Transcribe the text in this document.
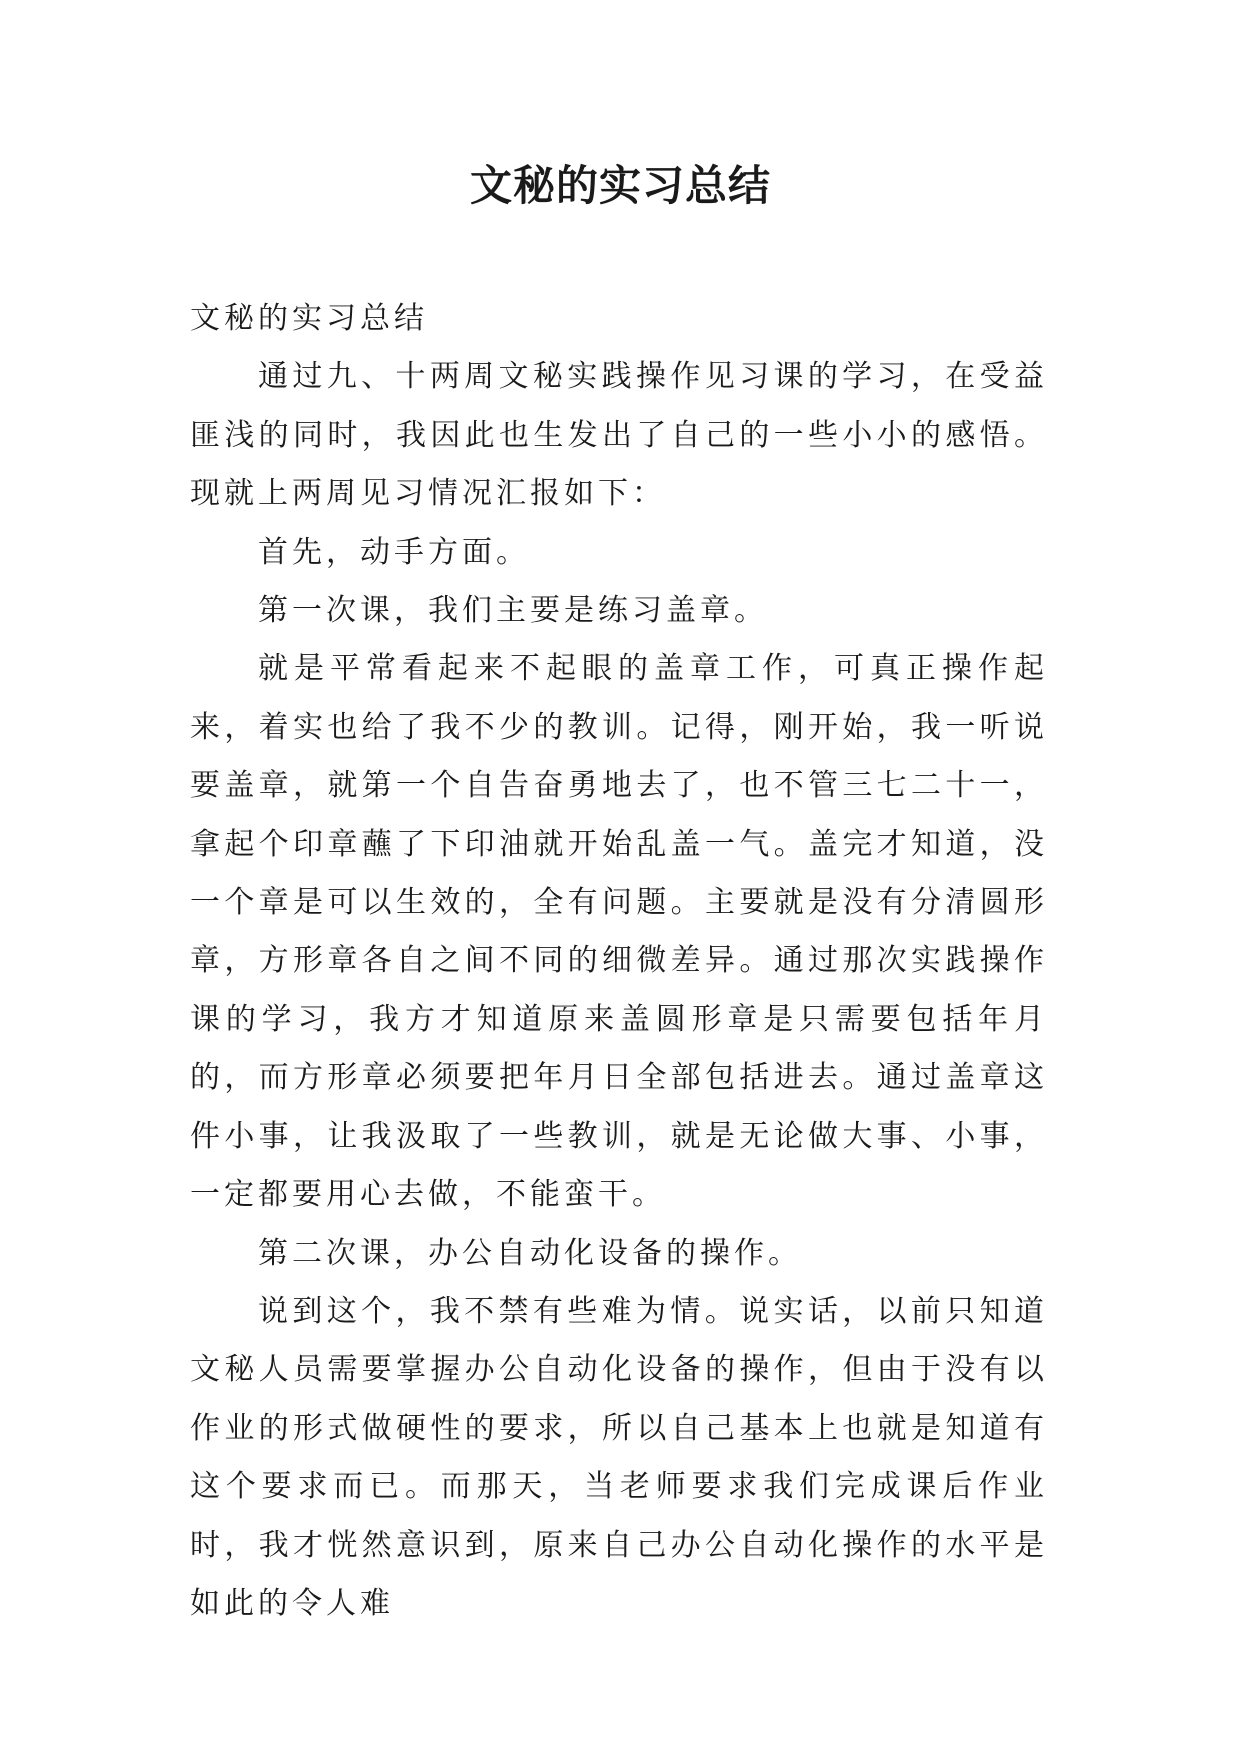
文秘的实习总结

文秘的实习总结

通过九、十两周文秘实践操作见习课的学习，在受益匪浅的同时，我因此也生发出了自己的一些小小的感悟。现就上两周见习情况汇报如下：

首先，动手方面。

第一次课，我们主要是练习盖章。

就是平常看起来不起眼的盖章工作，可真正操作起来，着实也给了我不少的教训。记得，刚开始，我一听说要盖章，就第一个自告奋勇地去了，也不管三七二十一，拿起个印章蘸了下印油就开始乱盖一气。盖完才知道，没一个章是可以生效的，全有问题。主要就是没有分清圆形章，方形章各自之间不同的细微差异。通过那次实践操作课的学习，我方才知道原来盖圆形章是只需要包括年月的，而方形章必须要把年月日全部包括进去。通过盖章这件小事，让我汲取了一些教训，就是无论做大事、小事，一定都要用心去做，不能蛮干。

第二次课，办公自动化设备的操作。

说到这个，我不禁有些难为情。说实话，以前只知道文秘人员需要掌握办公自动化设备的操作，但由于没有以作业的形式做硬性的要求，所以自己基本上也就是知道有这个要求而已。而那天，当老师要求我们完成课后作业时，我才恍然意识到，原来自己办公自动化操作的水平是如此的令人难
